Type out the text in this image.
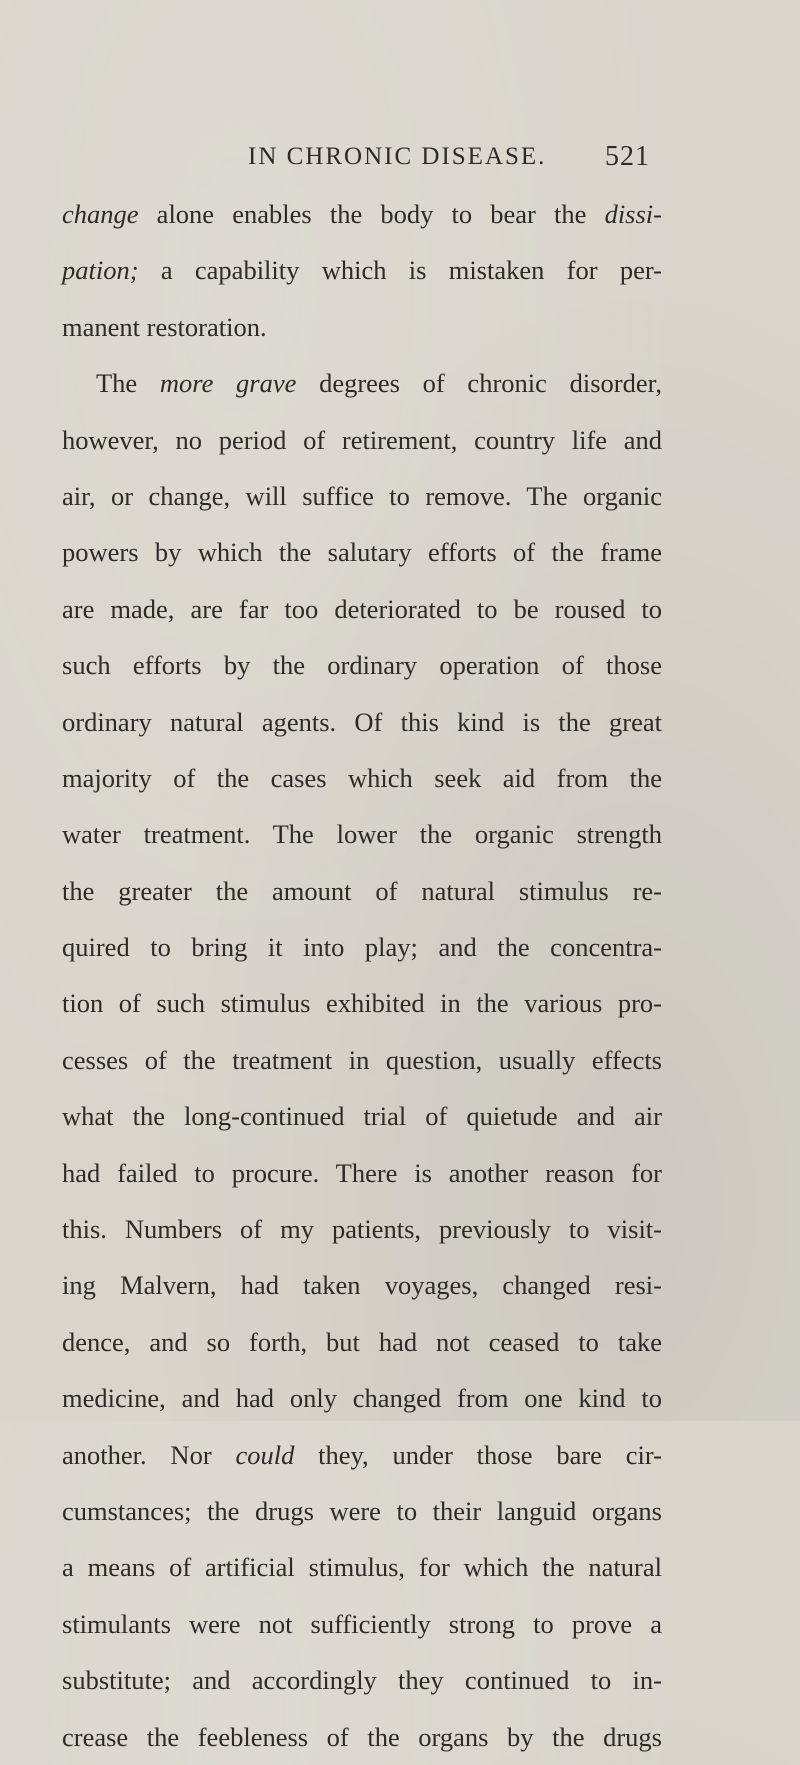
IN CHRONIC DISEASE. 521
change alone enables the body to bear the dissi-
pation; a capability which is mistaken for per-
manent restoration.
The more grave degrees of chronic disorder,
however, no period of retirement, country life and
air, or change, will suffice to remove. The organic
powers by which the salutary efforts of the frame
are made, are far too deteriorated to be roused to
such efforts by the ordinary operation of those
ordinary natural agents. Of this kind is the great
majority of the cases which seek aid from the
water treatment. The lower the organic strength
the greater the amount of natural stimulus re-
quired to bring it into play; and the concentra-
tion of such stimulus exhibited in the various pro-
cesses of the treatment in question, usually effects
what the long-continued trial of quietude and air
had failed to procure. There is another reason for
this. Numbers of my patients, previously to visit-
ing Malvern, had taken voyages, changed resi-
dence, and so forth, but had not ceased to take
medicine, and had only changed from one kind to
another. Nor could they, under those bare cir-
cumstances; the drugs were to their languid organs
a means of artificial stimulus, for which the natural
stimulants were not sufficiently strong to prove a
substitute; and accordingly they continued to in-
crease the feebleness of the organs by the drugs
